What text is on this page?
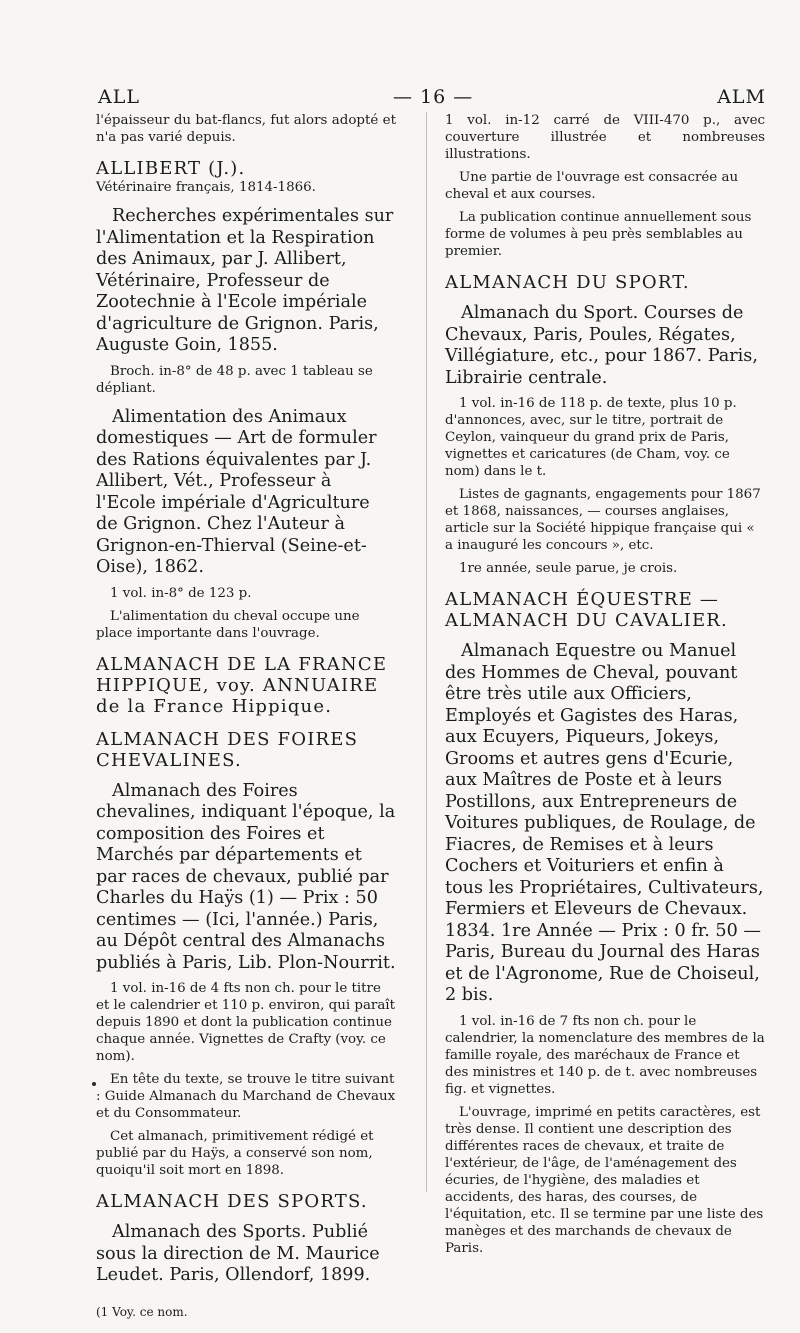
ALL	— 16 —	ALM

l'épaisseur du bat-flancs, fut alors adopté et n'a pas varié depuis.

ALLIBERT (J.).

Vétérinaire français, 1814-1866.

Recherches expérimentales sur l'Alimentation et la Respiration des Animaux, par J. Allibert, Vétérinaire, Professeur de Zootechnie à l'Ecole impériale d'agriculture de Grignon. Paris, Auguste Goin, 1855.

Broch. in-8° de 48 p. avec 1 tableau se dépliant.

Alimentation des Animaux domestiques — Art de formuler des Rations équivalentes par J. Allibert, Vét., Professeur à l'Ecole impériale d'Agriculture de Grignon. Chez l'Auteur à Grignon-en-Thierval (Seine-et-Oise), 1862.

1 vol. in-8° de 123 p.

L'alimentation du cheval occupe une place importante dans l'ouvrage.

ALMANACH DE LA FRANCE HIPPIQUE, voy. ANNUAIRE de la France Hippique.

ALMANACH DES FOIRES CHEVALINES.

Almanach des Foires chevalines, indiquant l'époque, la composition des Foires et Marchés par départements et par races de chevaux, publié par Charles du Haÿs (1) — Prix : 50 centimes — (Ici, l'année.) Paris, au Dépôt central des Almanachs publiés à Paris, Lib. Plon-Nourrit.

1 vol. in-16 de 4 fts non ch. pour le titre et le calendrier et 110 p. environ, qui paraît depuis 1890 et dont la publication continue chaque année. Vignettes de Crafty (voy. ce nom).

En tête du texte, se trouve le titre suivant : Guide Almanach du Marchand de Chevaux et du Consommateur.

Cet almanach, primitivement rédigé et publié par du Haÿs, a conservé son nom, quoiqu'il soit mort en 1898.

ALMANACH DES SPORTS.

Almanach des Sports. Publié sous la direction de M. Maurice Leudet. Paris, Ollendorf, 1899.

(1 Voy. ce nom.

1 vol. in-12 carré de VIII-470 p., avec couverture illustrée et nombreuses illustrations.

Une partie de l'ouvrage est consacrée au cheval et aux courses.

La publication continue annuellement sous forme de volumes à peu près semblables au premier.

ALMANACH DU SPORT.

Almanach du Sport. Courses de Chevaux, Paris, Poules, Régates, Villégiature, etc., pour 1867. Paris, Librairie centrale.

1 vol. in-16 de 118 p. de texte, plus 10 p. d'annonces, avec, sur le titre, portrait de Ceylon, vainqueur du grand prix de Paris, vignettes et caricatures (de Cham, voy. ce nom) dans le t.

Listes de gagnants, engagements pour 1867 et 1868, naissances, — courses anglaises, article sur la Société hippique française qui « a inauguré les concours », etc.

1re année, seule parue, je crois.

ALMANACH ÉQUESTRE — ALMANACH DU CAVALIER.

Almanach Equestre ou Manuel des Hommes de Cheval, pouvant être très utile aux Officiers, Employés et Gagistes des Haras, aux Ecuyers, Piqueurs, Jokeys, Grooms et autres gens d'Ecurie, aux Maîtres de Poste et à leurs Postillons, aux Entrepreneurs de Voitures publiques, de Roulage, de Fiacres, de Remises et à leurs Cochers et Voituriers et enfin à tous les Propriétaires, Cultivateurs, Fermiers et Eleveurs de Chevaux. 1834. 1re Année — Prix : 0 fr. 50 — Paris, Bureau du Journal des Haras et de l'Agronome, Rue de Choiseul, 2 bis.

1 vol. in-16 de 7 fts non ch. pour le calendrier, la nomenclature des membres de la famille royale, des maréchaux de France et des ministres et 140 p. de t. avec nombreuses fig. et vignettes.

L'ouvrage, imprimé en petits caractères, est très dense. Il contient une description des différentes races de chevaux, et traite de l'extérieur, de l'âge, de l'aménagement des écuries, de l'hygiène, des maladies et accidents, des haras, des courses, de l'équitation, etc. Il se termine par une liste des manèges et des marchands de chevaux de Paris.
